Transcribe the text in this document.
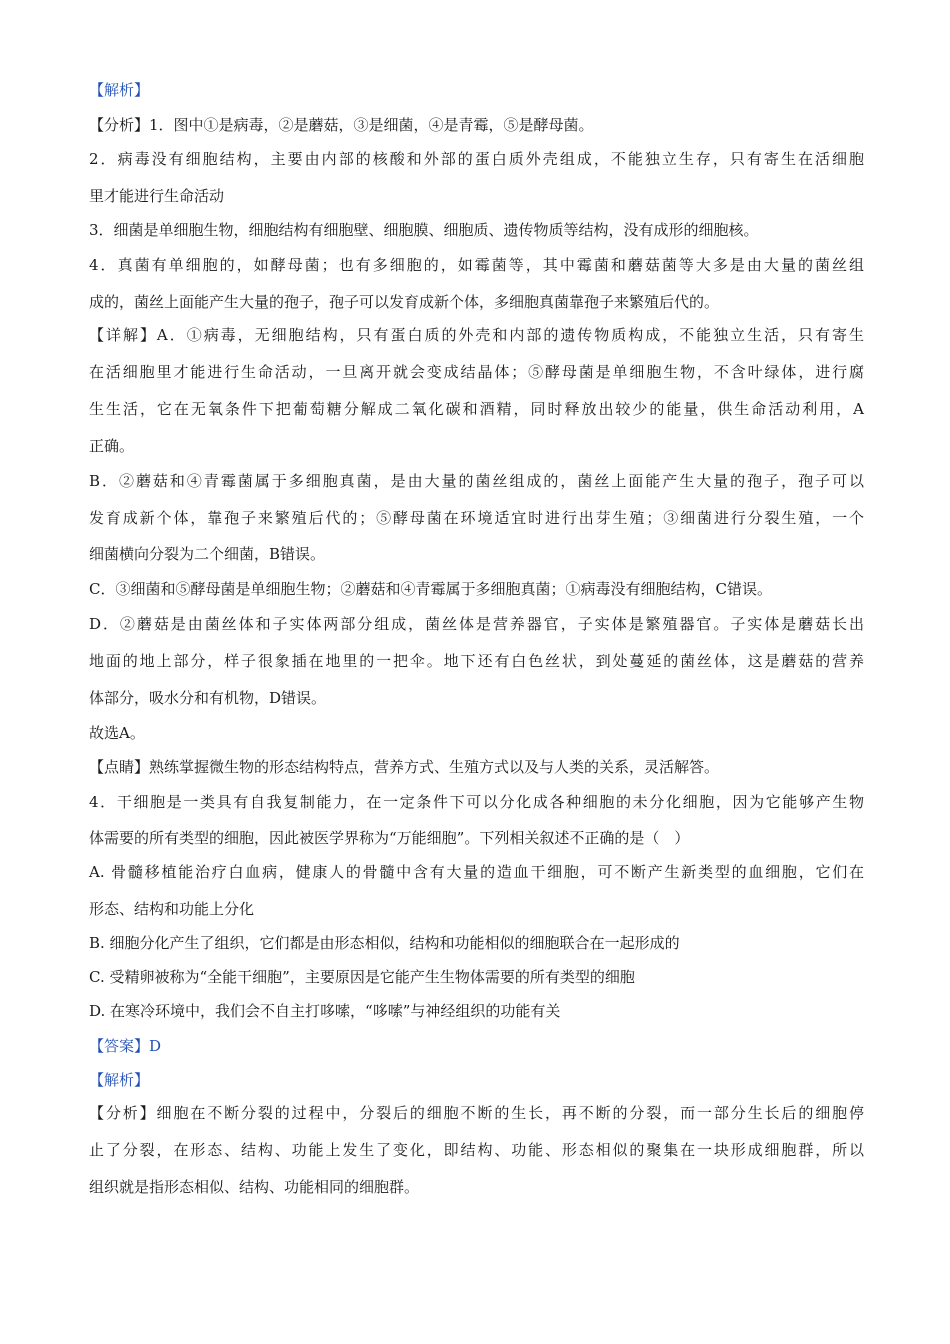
【解析】
【分析】1．图中①是病毒，②是蘑菇，③是细菌，④是青霉，⑤是酵母菌。
2．病毒没有细胞结构，主要由内部的核酸和外部的蛋白质外壳组成，不能独立生存，只有寄生在活细胞
里才能进行生命活动
3．细菌是单细胞生物，细胞结构有细胞壁、细胞膜、细胞质、遗传物质等结构，没有成形的细胞核。
4．真菌有单细胞的，如酵母菌；也有多细胞的，如霉菌等，其中霉菌和蘑菇菌等大多是由大量的菌丝组
成的，菌丝上面能产生大量的孢子，孢子可以发育成新个体，多细胞真菌靠孢子来繁殖后代的。
【详解】A．①病毒，无细胞结构，只有蛋白质的外壳和内部的遗传物质构成，不能独立生活，只有寄生
在活细胞里才能进行生命活动，一旦离开就会变成结晶体；⑤酵母菌是单细胞生物，不含叶绿体，进行腐
生生活，它在无氧条件下把葡萄糖分解成二氧化碳和酒精，同时释放出较少的能量，供生命活动利用，A
正确。
B．②蘑菇和④青霉菌属于多细胞真菌，是由大量的菌丝组成的，菌丝上面能产生大量的孢子，孢子可以
发育成新个体，靠孢子来繁殖后代的；⑤酵母菌在环境适宜时进行出芽生殖；③细菌进行分裂生殖，一个
细菌横向分裂为二个细菌，B错误。
C．③细菌和⑤酵母菌是单细胞生物；②蘑菇和④青霉属于多细胞真菌；①病毒没有细胞结构，C错误。
D．②蘑菇是由菌丝体和子实体两部分组成，菌丝体是营养器官，子实体是繁殖器官。子实体是蘑菇长出
地面的地上部分，样子很象插在地里的一把伞。地下还有白色丝状，到处蔓延的菌丝体，这是蘑菇的营养
体部分，吸水分和有机物，D错误。
故选A。
【点睛】熟练掌握微生物的形态结构特点，营养方式、生殖方式以及与人类的关系，灵活解答。
4．干细胞是一类具有自我复制能力，在一定条件下可以分化成各种细胞的未分化细胞，因为它能够产生物
体需要的所有类型的细胞，因此被医学界称为“万能细胞”。下列相关叙述不正确的是（　）
A. 骨髓移植能治疗白血病，健康人的骨髓中含有大量的造血干细胞，可不断产生新类型的血细胞，它们在
形态、结构和功能上分化
B. 细胞分化产生了组织，它们都是由形态相似，结构和功能相似的细胞联合在一起形成的
C. 受精卵被称为“全能干细胞”，主要原因是它能产生生物体需要的所有类型的细胞
D. 在寒冷环境中，我们会不自主打哆嗦，“哆嗦”与神经组织的功能有关
【答案】D
【解析】
【分析】细胞在不断分裂的过程中，分裂后的细胞不断的生长，再不断的分裂，而一部分生长后的细胞停
止了分裂，在形态、结构、功能上发生了变化，即结构、功能、形态相似的聚集在一块形成细胞群，所以
组织就是指形态相似、结构、功能相同的细胞群。
